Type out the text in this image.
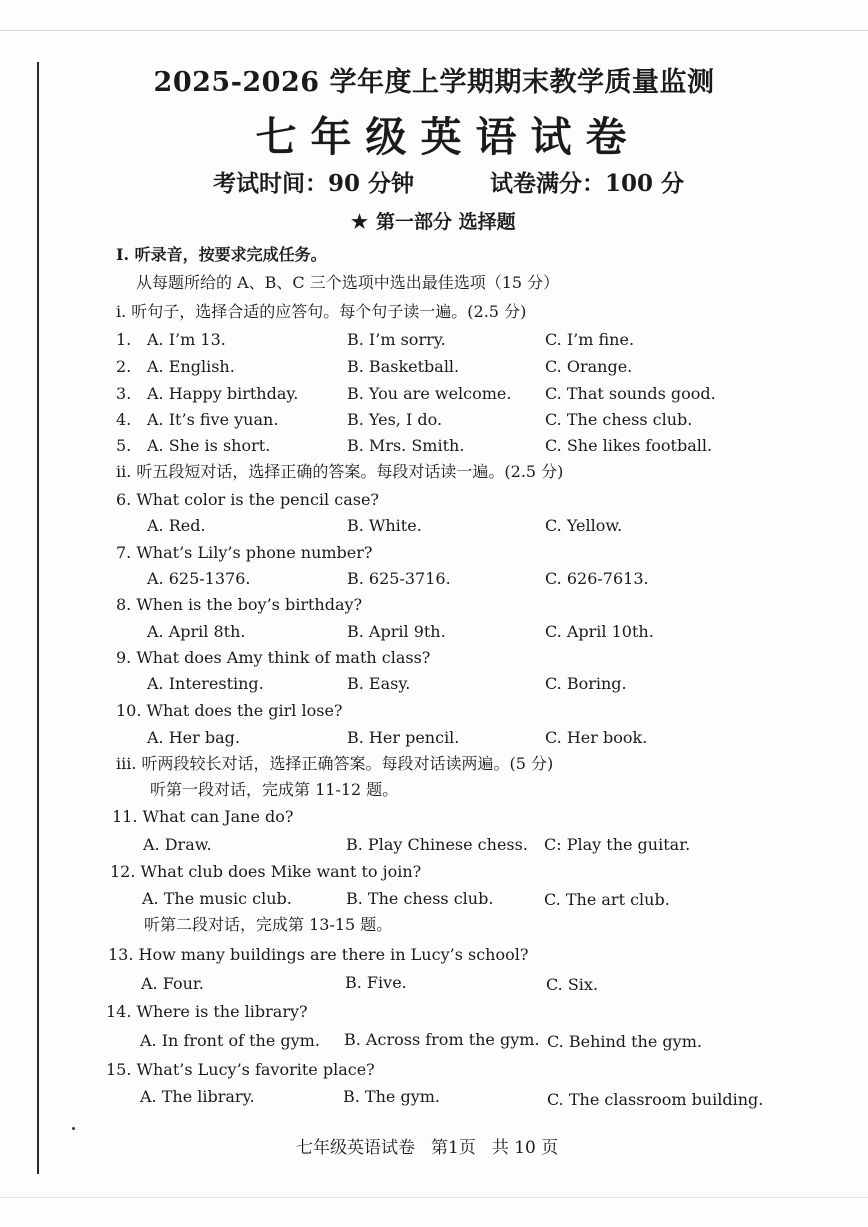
2025-2026 学年度上学期期末教学质量监测
七年级英语试卷
考试时间：90 分钟	试卷满分：100 分
★ 第一部分 选择题
I. 听录音，按要求完成任务。
从每题所给的 A、B、C 三个选项中选出最佳选项（15 分）
i. 听句子，选择合适的应答句。每个句子读一遍。(2.5 分)
1. A. I’m 13.	B. I’m sorry.	C. I’m fine.
2. A. English.	B. Basketball.	C. Orange.
3. A. Happy birthday.	B. You are welcome. C. That sounds good.
4. A. It’s five yuan.	B. Yes, I do.	C. The chess club.
5. A. She is short.	B. Mrs. Smith.	C. She likes football.
ii. 听五段短对话，选择正确的答案。每段对话读一遍。(2.5 分)
6. What color is the pencil case?
A. Red.	B. White.	C. Yellow.
7. What’s Lily’s phone number?
A. 625-1376.	B. 625-3716.	C. 626-7613.
8. When is the boy’s birthday?
A. April 8th.	B. April 9th.	C. April 10th.
9. What does Amy think of math class?
A. Interesting.	B. Easy.	C. Boring.
10. What does the girl lose?
A. Her bag.	B. Her pencil.	C. Her book.
iii. 听两段较长对话，选择正确答案。每段对话读两遍。(5 分)
听第一段对话，完成第 11-12 题。
11. What can Jane do?
A. Draw.	B. Play Chinese chess. C: Play the guitar.
12. What club does Mike want to join?
A. The music club.	B. The chess club.	C. The art club.
听第二段对话，完成第 13-15 题。
13. How many buildings are there in Lucy’s school?
A. Four.	B. Five.	C. Six.
14. Where is the library?
A. In front of the gym. B. Across from the gym. C. Behind the gym.
15. What’s Lucy’s favorite place?
A. The library.	B. The gym.	C. The classroom building.
七年级英语试卷 第1页 共 10 页
